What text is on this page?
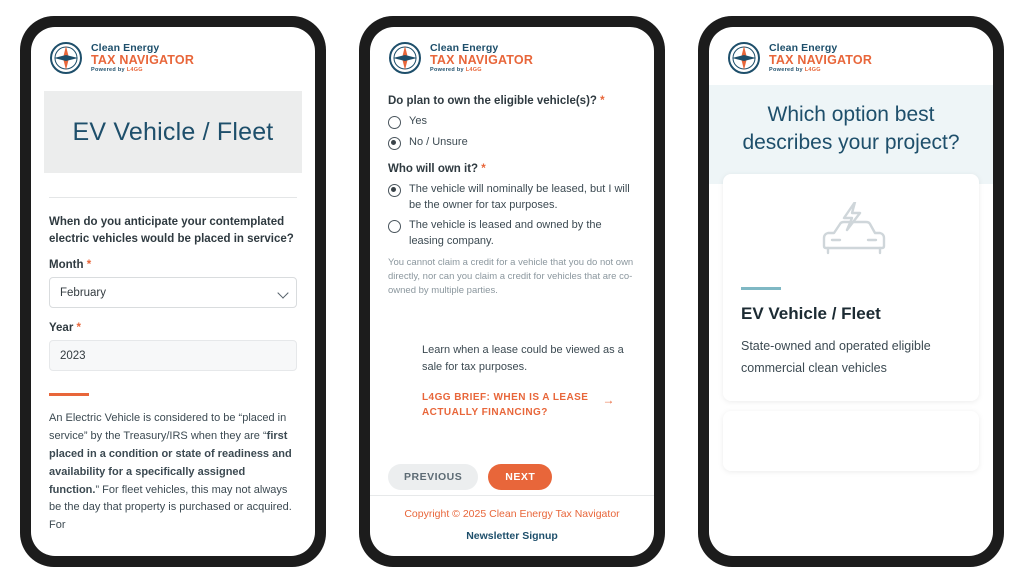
Clean Energy
TAX NAVIGATOR
Powered by L4GG
EV Vehicle / Fleet
When do you anticipate your contemplated electric vehicles would be placed in service?
Month *
February
Year *
2023
An Electric Vehicle is considered to be “placed in service” by the Treasury/IRS when they are “first placed in a condition or state of readiness and availability for a specifically assigned function.” For fleet vehicles, this may not always be the day that property is purchased or acquired. For
Clean Energy
TAX NAVIGATOR
Powered by L4GG
Do plan to own the eligible vehicle(s)? *
Yes
No / Unsure
Who will own it? *
The vehicle will nominally be leased, but I will be the owner for tax purposes.
The vehicle is leased and owned by the leasing company.
You cannot claim a credit for a vehicle that you do not own directly, nor can you claim a credit for vehicles that are co-owned by multiple parties.
Learn when a lease could be viewed as a sale for tax purposes.
L4GG BRIEF: WHEN IS A LEASE ACTUALLY FINANCING?
→
PREVIOUS	NEXT
Copyright © 2025 Clean Energy Tax Navigator
Newsletter Signup
Clean Energy
TAX NAVIGATOR
Powered by L4GG
Which option best describes your project?
EV Vehicle / Fleet
State-owned and operated eligible commercial clean vehicles
